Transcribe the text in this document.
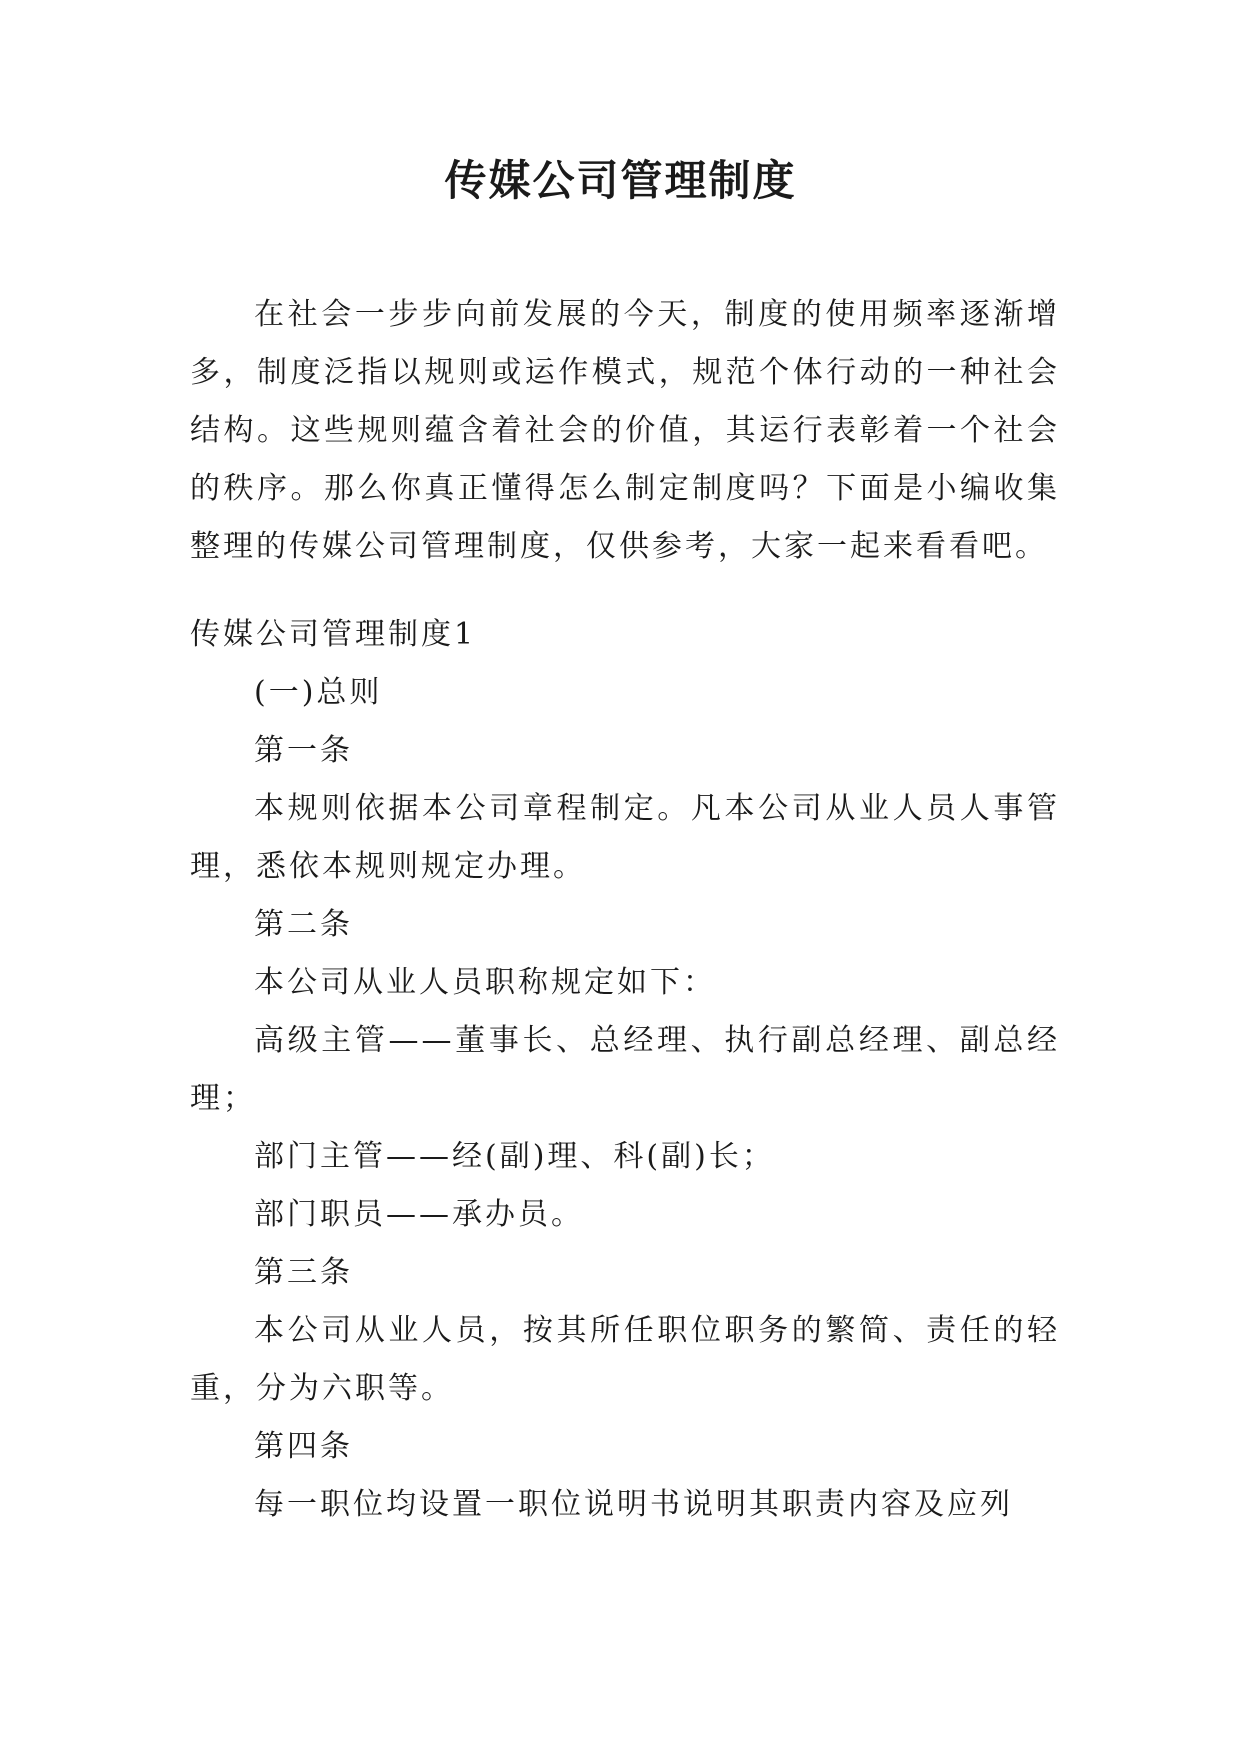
传媒公司管理制度

在社会一步步向前发展的今天，制度的使用频率逐渐增多，制度泛指以规则或运作模式，规范个体行动的一种社会结构。这些规则蕴含着社会的价值，其运行表彰着一个社会的秩序。那么你真正懂得怎么制定制度吗？下面是小编收集整理的传媒公司管理制度，仅供参考，大家一起来看看吧。

传媒公司管理制度1

(一)总则

第一条

本规则依据本公司章程制定。凡本公司从业人员人事管理，悉依本规则规定办理。

第二条

本公司从业人员职称规定如下：

高级主管——董事长、总经理、执行副总经理、副总经理；

部门主管——经(副)理、科(副)长；

部门职员——承办员。

第三条

本公司从业人员，按其所任职位职务的繁简、责任的轻重，分为六职等。

第四条

每一职位均设置一职位说明书说明其职责内容及应列
